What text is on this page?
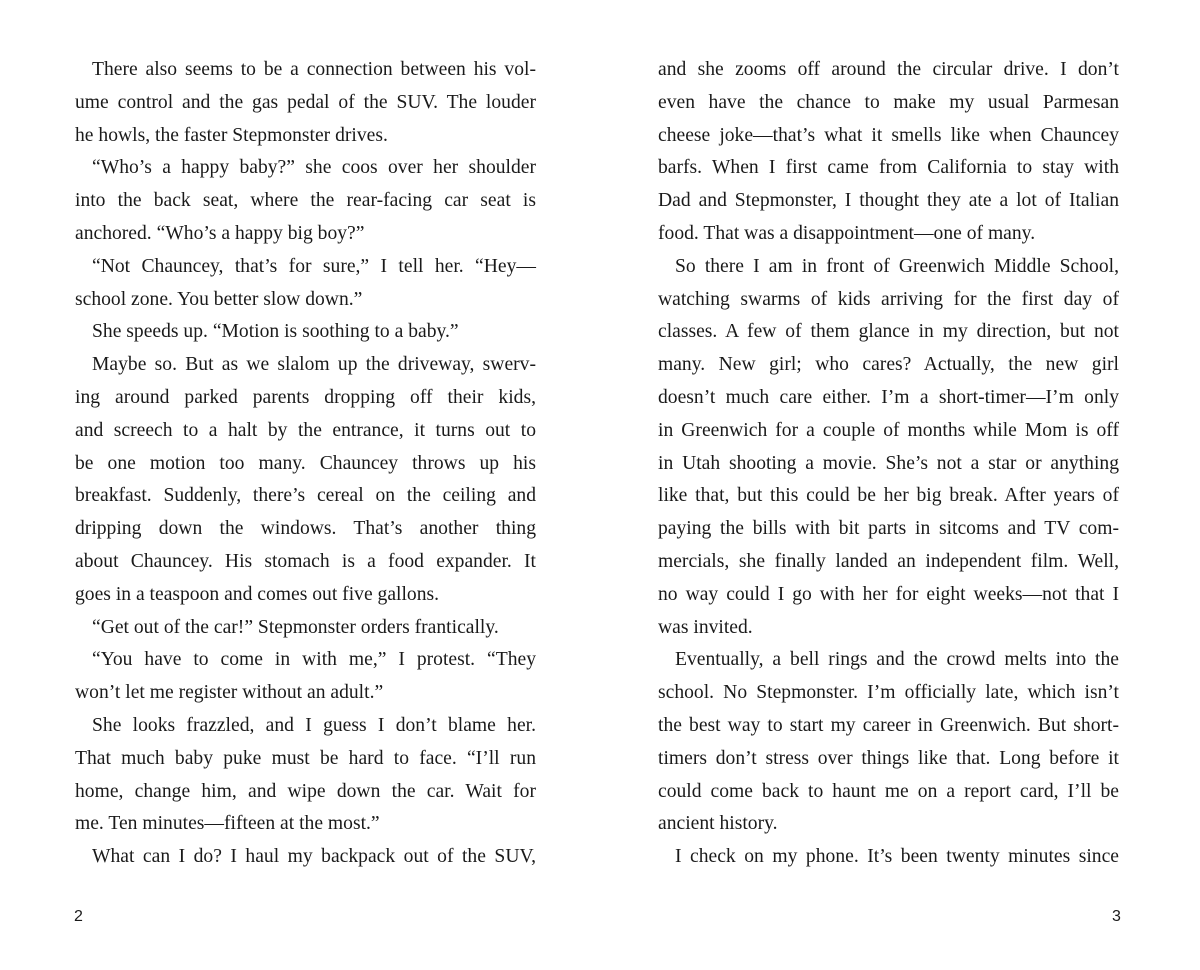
There also seems to be a connection between his vol-
ume control and the gas pedal of the SUV. The louder
he howls, the faster Stepmonster drives.
“Who’s a happy baby?” she coos over her shoulder
into the back seat, where the rear-facing car seat is
anchored. “Who’s a happy big boy?”
“Not Chauncey, that’s for sure,” I tell her. “Hey—
school zone. You better slow down.”
She speeds up. “Motion is soothing to a baby.”
Maybe so. But as we slalom up the driveway, swerv-
ing around parked parents dropping off their kids,
and screech to a halt by the entrance, it turns out to
be one motion too many. Chauncey throws up his
breakfast. Suddenly, there’s cereal on the ceiling and
dripping down the windows. That’s another thing
about Chauncey. His stomach is a food expander. It
goes in a teaspoon and comes out five gallons.
“Get out of the car!” Stepmonster orders frantically.
“You have to come in with me,” I protest. “They
won’t let me register without an adult.”
She looks frazzled, and I guess I don’t blame her.
That much baby puke must be hard to face. “I’ll run
home, change him, and wipe down the car. Wait for
me. Ten minutes—fifteen at the most.”
What can I do? I haul my backpack out of the SUV,
and she zooms off around the circular drive. I don’t
even have the chance to make my usual Parmesan
cheese joke—that’s what it smells like when Chauncey
barfs. When I first came from California to stay with
Dad and Stepmonster, I thought they ate a lot of Italian
food. That was a disappointment—one of many.
So there I am in front of Greenwich Middle School,
watching swarms of kids arriving for the first day of
classes. A few of them glance in my direction, but not
many. New girl; who cares? Actually, the new girl
doesn’t much care either. I’m a short-timer—I’m only
in Greenwich for a couple of months while Mom is off
in Utah shooting a movie. She’s not a star or anything
like that, but this could be her big break. After years of
paying the bills with bit parts in sitcoms and TV com-
mercials, she finally landed an independent film. Well,
no way could I go with her for eight weeks—not that I
was invited.
Eventually, a bell rings and the crowd melts into the
school. No Stepmonster. I’m officially late, which isn’t
the best way to start my career in Greenwich. But short-
timers don’t stress over things like that. Long before it
could come back to haunt me on a report card, I’ll be
ancient history.
I check on my phone. It’s been twenty minutes since
2	3
